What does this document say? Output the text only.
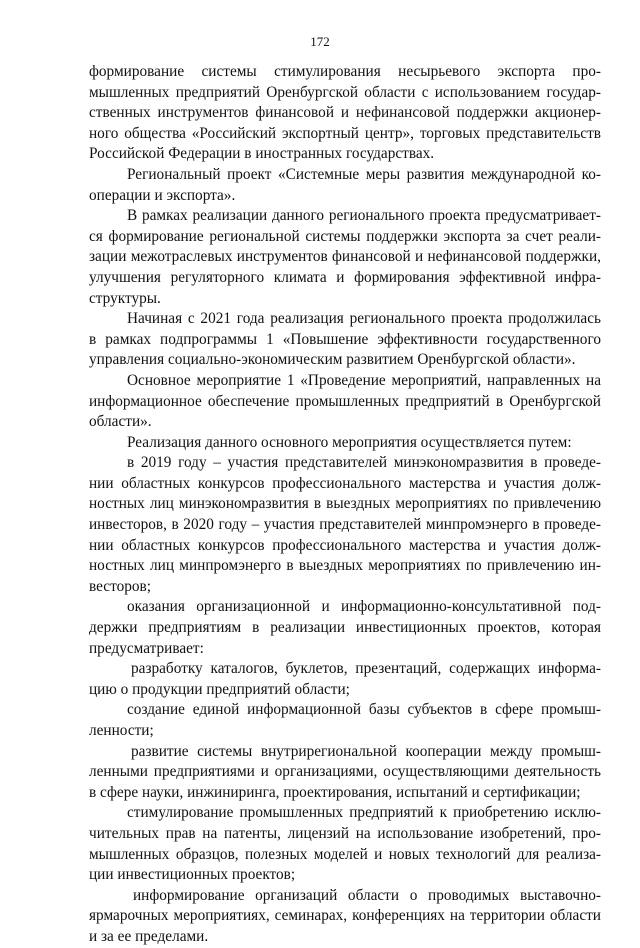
172
формирование системы стимулирования несырьевого экспорта про-
мышленных предприятий Оренбургской области с использованием государ-
ственных инструментов финансовой и нефинансовой поддержки акционер-
ного общества «Российский экспортный центр», торговых представительств
Российской Федерации в иностранных государствах.
Региональный проект «Системные меры развития международной ко-
операции и экспорта».
В рамках реализации данного регионального проекта предусматривает-
ся формирование региональной системы поддержки экспорта за счет реали-
зации межотраслевых инструментов финансовой и нефинансовой поддержки,
улучшения регуляторного климата и формирования эффективной инфра-
структуры.
Начиная с 2021 года реализация регионального проекта продолжилась
в рамках подпрограммы 1 «Повышение эффективности государственного
управления социально-экономическим развитием Оренбургской области».
Основное мероприятие 1 «Проведение мероприятий, направленных на
информационное обеспечение промышленных предприятий в Оренбургской
области».
Реализация данного основного мероприятия осуществляется путем:
в 2019 году – участия представителей минэкономразвития в проведе-
нии областных конкурсов профессионального мастерства и участия долж-
ностных лиц минэкономразвития в выездных мероприятиях по привлечению
инвесторов, в 2020 году – участия представителей минпромэнерго в проведе-
нии областных конкурсов профессионального мастерства и участия долж-
ностных лиц минпромэнерго в выездных мероприятиях по привлечению ин-
весторов;
оказания организационной и информационно-консультативной под-
держки предприятиям в реализации инвестиционных проектов, которая
предусматривает:
разработку каталогов, буклетов, презентаций, содержащих информа-
цию о продукции предприятий области;
создание единой информационной базы субъектов в сфере промыш-
ленности;
развитие системы внутрирегиональной кооперации между промыш-
ленными предприятиями и организациями, осуществляющими деятельность
в сфере науки, инжиниринга, проектирования, испытаний и сертификации;
стимулирование промышленных предприятий к приобретению исклю-
чительных прав на патенты, лицензий на использование изобретений, про-
мышленных образцов, полезных моделей и новых технологий для реализа-
ции инвестиционных проектов;
информирование организаций области о проводимых выставочно-
ярмарочных мероприятиях, семинарах, конференциях на территории области
и за ее пределами.
